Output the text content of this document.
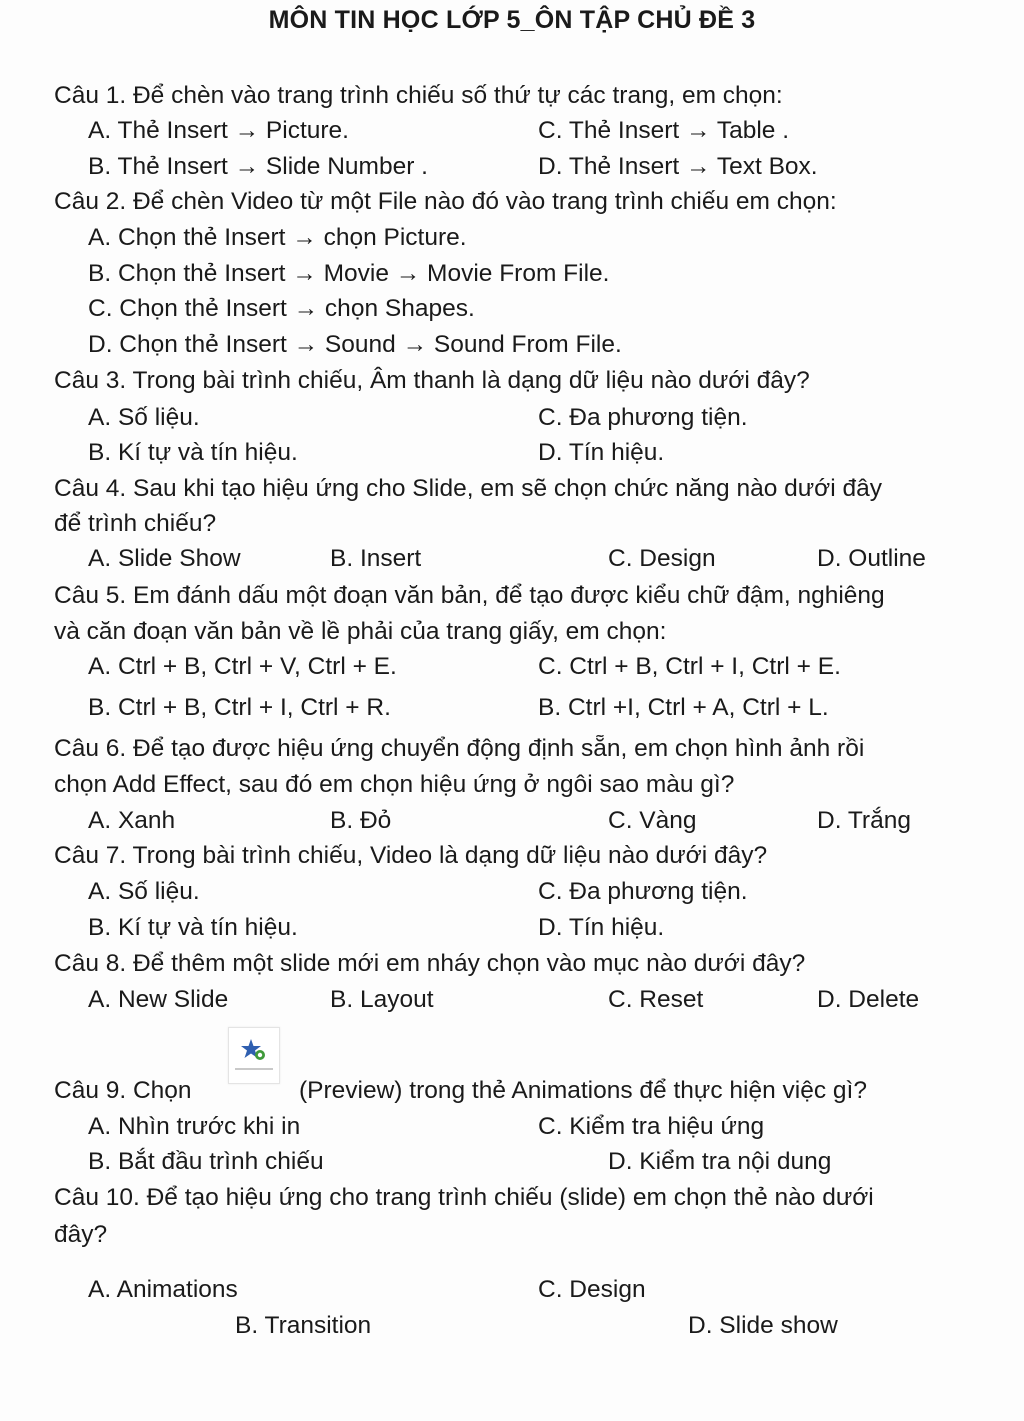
MÔN TIN HỌC LỚP 5_ÔN TẬP CHỦ ĐỀ 3
Câu 1. Để chèn vào trang trình chiếu số thứ tự các trang, em chọn:
A. Thẻ Insert → Picture.	C. Thẻ Insert → Table .
B. Thẻ Insert → Slide Number .	D. Thẻ Insert → Text Box.
Câu 2. Để chèn Video từ một File nào đó vào trang trình chiếu em chọn:
A. Chọn thẻ Insert → chọn Picture.
B. Chọn thẻ Insert → Movie → Movie From File.
C. Chọn thẻ Insert → chọn Shapes.
D. Chọn thẻ Insert → Sound → Sound From File.
Câu 3. Trong bài trình chiếu, Âm thanh là dạng dữ liệu nào dưới đây?
A. Số liệu.	C. Đa phương tiện.
B. Kí tự và tín hiệu.	D. Tín hiệu.
Câu 4. Sau khi tạo hiệu ứng cho Slide, em sẽ chọn chức năng nào dưới đây
để trình chiếu?
A. Slide Show	B. Insert	C. Design	D. Outline
Câu 5. Em đánh dấu một đoạn văn bản, để tạo được kiểu chữ đậm, nghiêng
và căn đoạn văn bản về lề phải của trang giấy, em chọn:
A. Ctrl + B, Ctrl + V, Ctrl + E.	C. Ctrl + B, Ctrl + I, Ctrl + E.
B. Ctrl + B, Ctrl + I, Ctrl + R.	B. Ctrl +I, Ctrl + A, Ctrl + L.
Câu 6. Để tạo được hiệu ứng chuyển động định sẵn, em chọn hình ảnh rồi
chọn Add Effect, sau đó em chọn hiệu ứng ở ngôi sao màu gì?
A. Xanh	B. Đỏ	C. Vàng	D. Trắng
Câu 7. Trong bài trình chiếu, Video là dạng dữ liệu nào dưới đây?
A. Số liệu.	C. Đa phương tiện.
B. Kí tự và tín hiệu.	D. Tín hiệu.
Câu 8. Để thêm một slide mới em nháy chọn vào mục nào dưới đây?
A. New Slide	B. Layout	C. Reset	D. Delete
Câu 9. Chọn	(Preview) trong thẻ Animations để thực hiện việc gì?
A. Nhìn trước khi in	C. Kiểm tra hiệu ứng
B. Bắt đầu trình chiếu	D. Kiểm tra nội dung
Câu 10. Để tạo hiệu ứng cho trang trình chiếu (slide) em chọn thẻ nào dưới
đây?
A. Animations	C. Design
B. Transition	D. Slide show
